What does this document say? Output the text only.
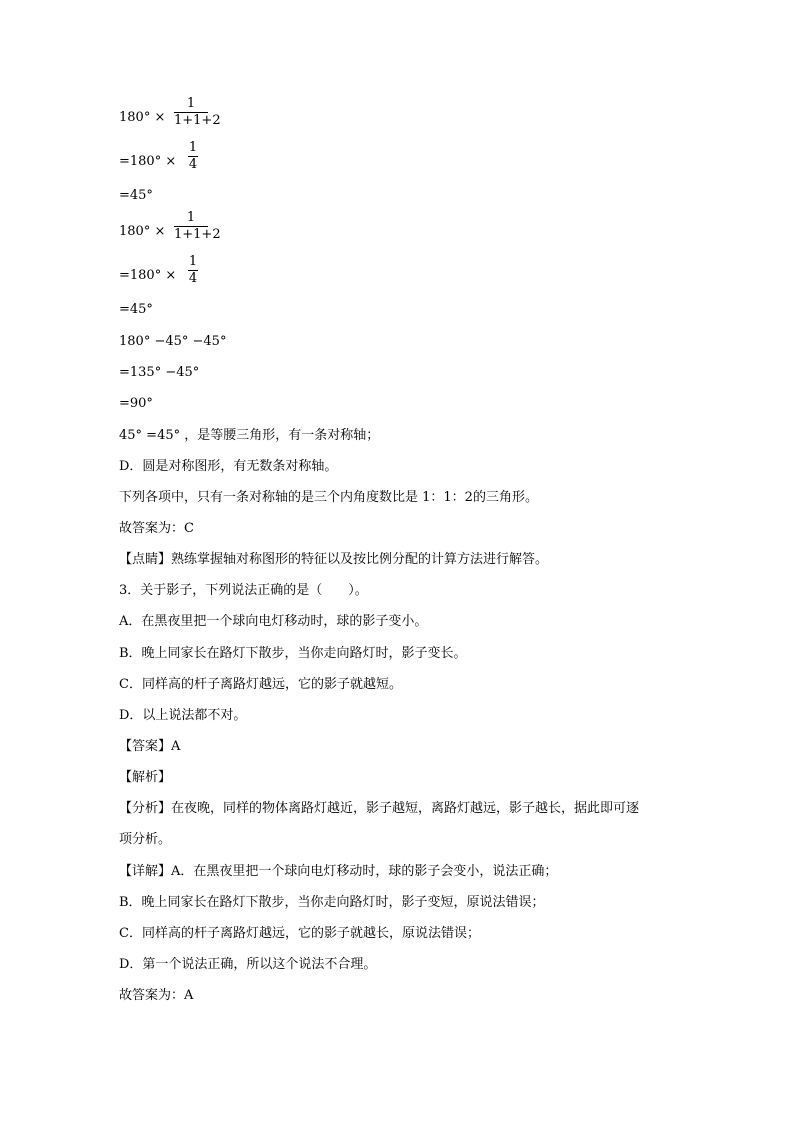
180° ×
1
1+1+2
=180° ×
1
4
=45°
180° ×
1
1+1+2
=180° ×
1
4
=45°
180° −45° −45°
=135° −45°
=90°
45° =45° ，是等腰三角形，有一条对称轴；
D．圆是对称图形，有无数条对称轴。
下列各项中，只有一条对称轴的是三个内角度数比是 1：1：2的三角形。
故答案为：C
【点睛】熟练掌握轴对称图形的特征以及按比例分配的计算方法进行解答。
3．关于影子，下列说法正确的是（　　）。
A．在黑夜里把一个球向电灯移动时，球的影子变小。
B．晚上同家长在路灯下散步，当你走向路灯时，影子变长。
C．同样高的杆子离路灯越远，它的影子就越短。
D．以上说法都不对。
【答案】A
【解析】
【分析】在夜晚，同样的物体离路灯越近，影子越短，离路灯越远，影子越长，据此即可逐
项分析。
【详解】A．在黑夜里把一个球向电灯移动时，球的影子会变小，说法正确；
B．晚上同家长在路灯下散步，当你走向路灯时，影子变短，原说法错误；
C．同样高的杆子离路灯越远，它的影子就越长，原说法错误；
D．第一个说法正确，所以这个说法不合理。
故答案为：A
